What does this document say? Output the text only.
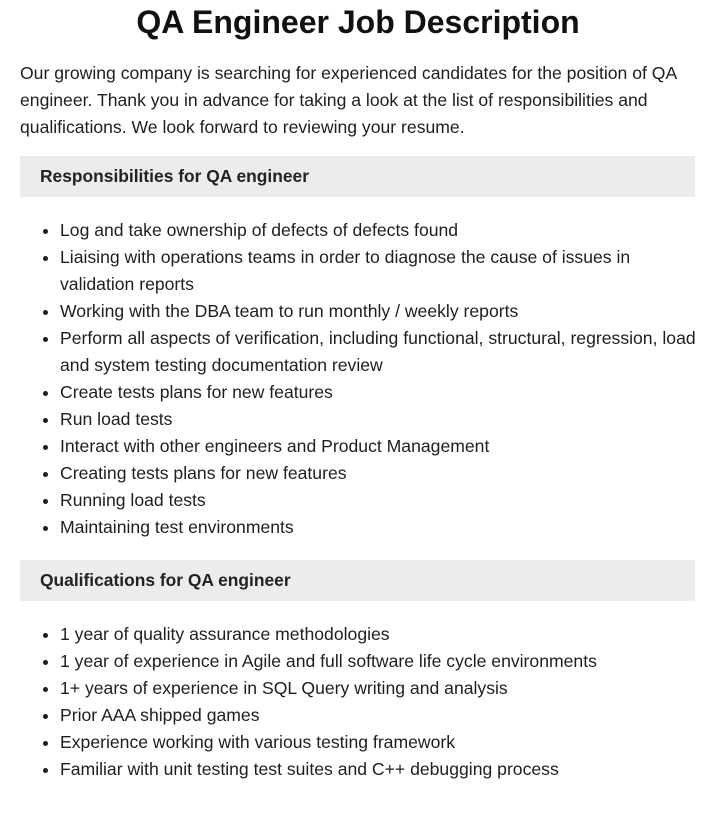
QA Engineer Job Description

Our growing company is searching for experienced candidates for the position of QA engineer. Thank you in advance for taking a look at the list of responsibilities and qualifications. We look forward to reviewing your resume.

Responsibilities for QA engineer
• Log and take ownership of defects of defects found
• Liaising with operations teams in order to diagnose the cause of issues in validation reports
• Working with the DBA team to run monthly / weekly reports
• Perform all aspects of verification, including functional, structural, regression, load and system testing documentation review
• Create tests plans for new features
• Run load tests
• Interact with other engineers and Product Management
• Creating tests plans for new features
• Running load tests
• Maintaining test environments
Qualifications for QA engineer
• 1 year of quality assurance methodologies
• 1 year of experience in Agile and full software life cycle environments
• 1+ years of experience in SQL Query writing and analysis
• Prior AAA shipped games
• Experience working with various testing framework
• Familiar with unit testing test suites and C++ debugging process
